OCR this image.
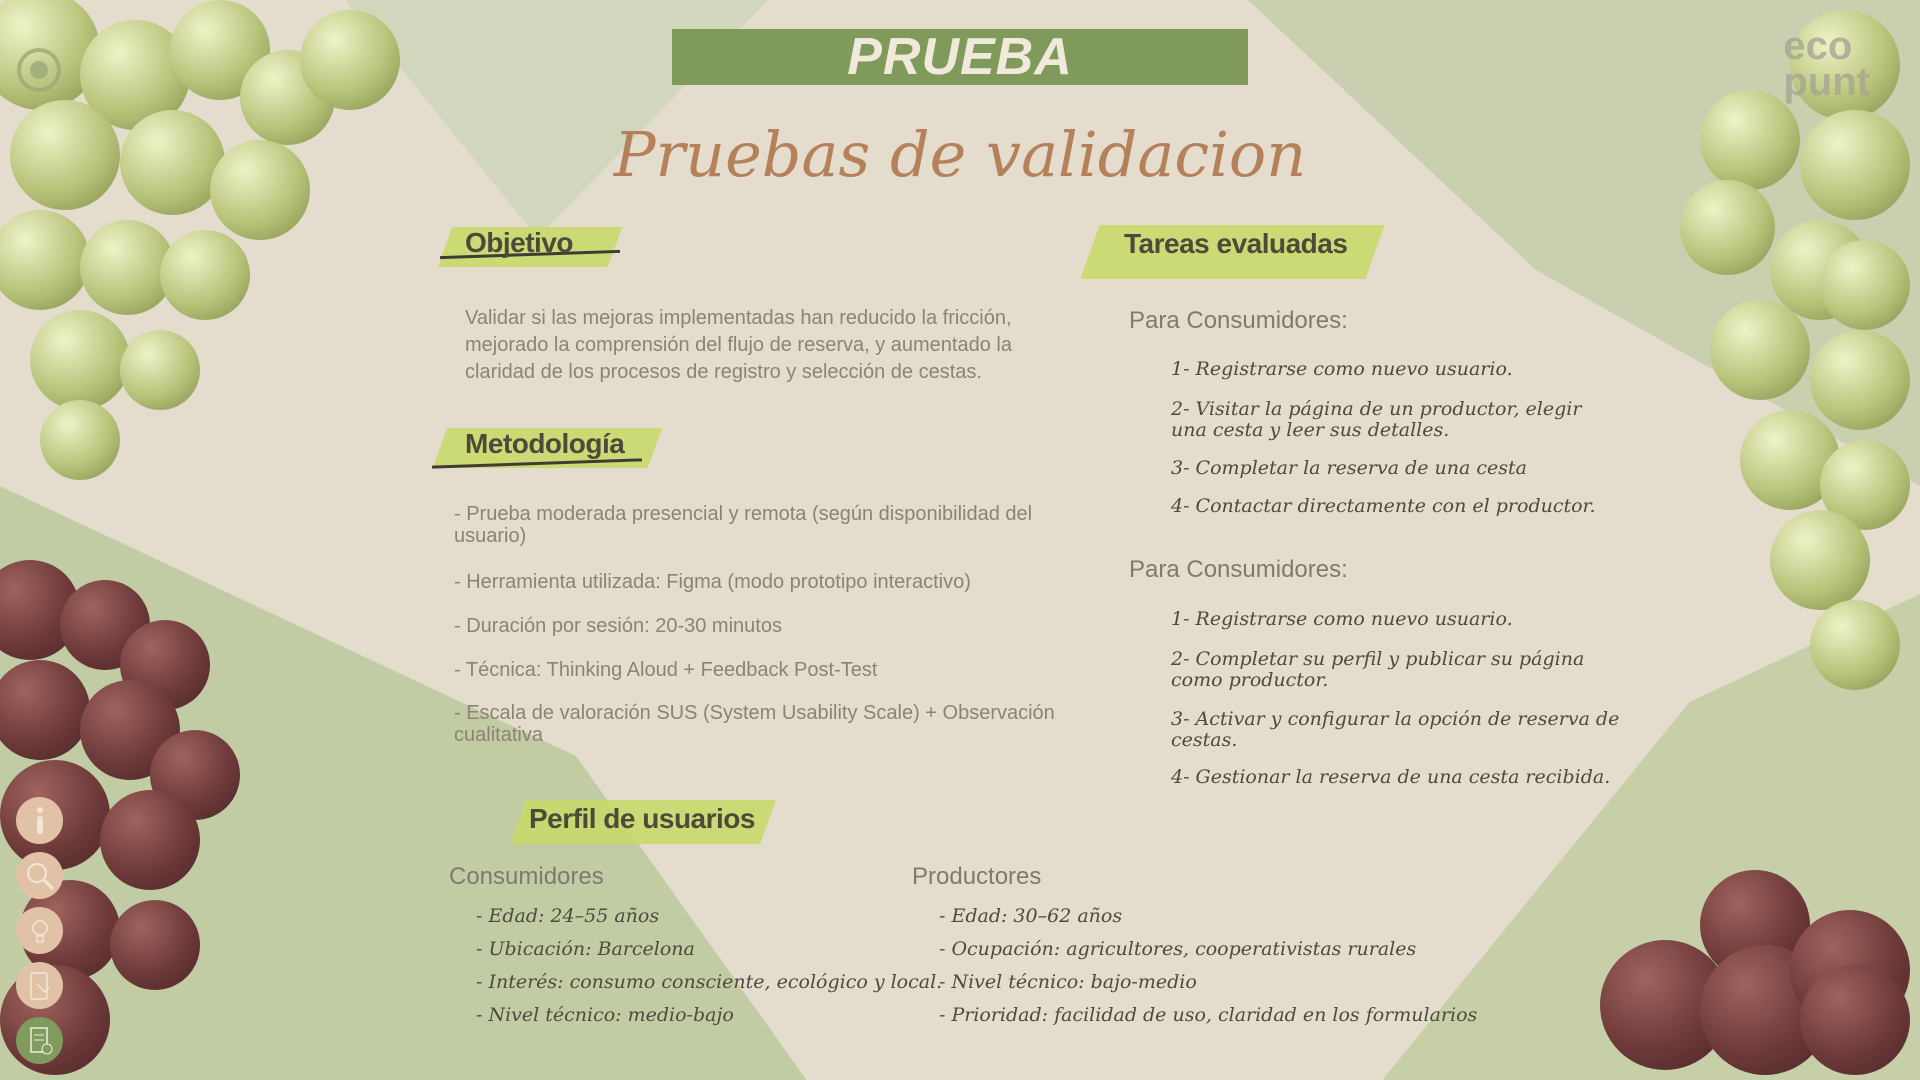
eco
punt
PRUEBA
Pruebas de validacion
Objetivo
Validar si las mejoras implementadas han reducido la fricción, mejorado la comprensión del flujo de reserva, y aumentado la claridad de los procesos de registro y selección de cestas.
Metodología
- Prueba moderada presencial y remota (según disponibilidad del usuario)
- Herramienta utilizada: Figma (modo prototipo interactivo)
- Duración por sesión: 20-30 minutos
- Técnica: Thinking Aloud + Feedback Post-Test
- Escala de valoración SUS (System Usability Scale) + Observación cualitativa
Tareas evaluadas
Para Consumidores:
1- Registrarse como nuevo usuario.
2- Visitar la página de un productor, elegir una cesta y leer sus detalles.
3- Completar la reserva de una cesta
4- Contactar directamente con el productor.
Para Consumidores:
1- Registrarse como nuevo usuario.
2- Completar su perfil y publicar su página como productor.
3- Activar y configurar la opción de reserva de cestas.
4- Gestionar la reserva de una cesta recibida.
Perfil de usuarios
Consumidores
- Edad: 24–55 años
- Ubicación: Barcelona
- Interés: consumo consciente, ecológico y local.
- Nivel técnico: medio-bajo
Productores
- Edad: 30–62 años
- Ocupación: agricultores, cooperativistas rurales
- Nivel técnico: bajo-medio
- Prioridad: facilidad de uso, claridad en los formularios
